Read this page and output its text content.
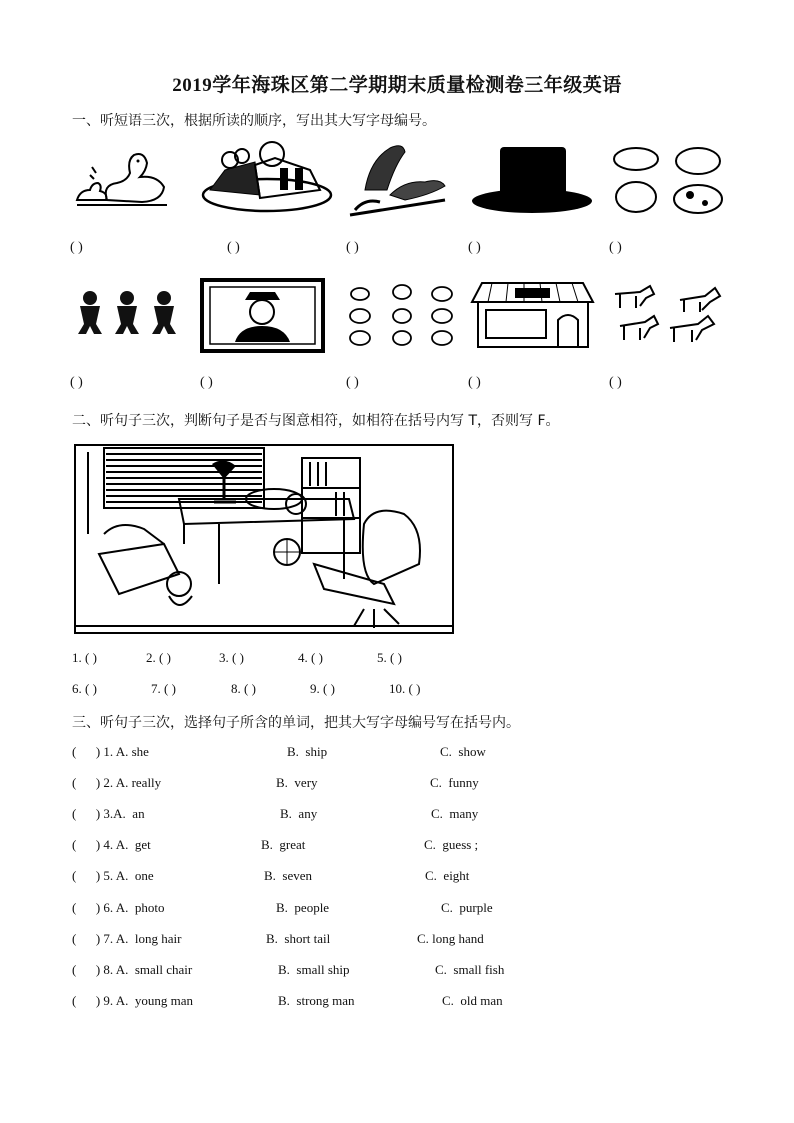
2019学年海珠区第二学期期末质量检测卷三年级英语
一、听短语三次，根据所读的顺序，写出其大写字母编号。
( )	( )	( )	( )	( )
( )	( )	( )	( )	( )
二、听句子三次，判断句子是否与图意相符，如相符在括号内写 T，否则写 F。
1. ( )	2. ( )	3. ( )	4. ( )	5. ( )
6. ( )	7. ( )	8. ( )	9. ( )	10. ( )
三、听句子三次，选择句子所含的单词，把其大写字母编号写在括号内。
(      ) 1. A. she	B.  ship	C.  show
(      ) 2. A. really	B.  very	C.  funny
(      ) 3.A.  an	B.  any	C.  many
(      ) 4. A.  get	B.  great	C.  guess ;
(      ) 5. A.  one	B.  seven	C.  eight
(      ) 6. A.  photo	B.  people	C.  purple
(      ) 7. A.  long hair	B.  short tail	C. long hand
(      ) 8. A.  small chair	B.  small ship	C.  small fish
(      ) 9. A.  young man	B.  strong man	C.  old man
